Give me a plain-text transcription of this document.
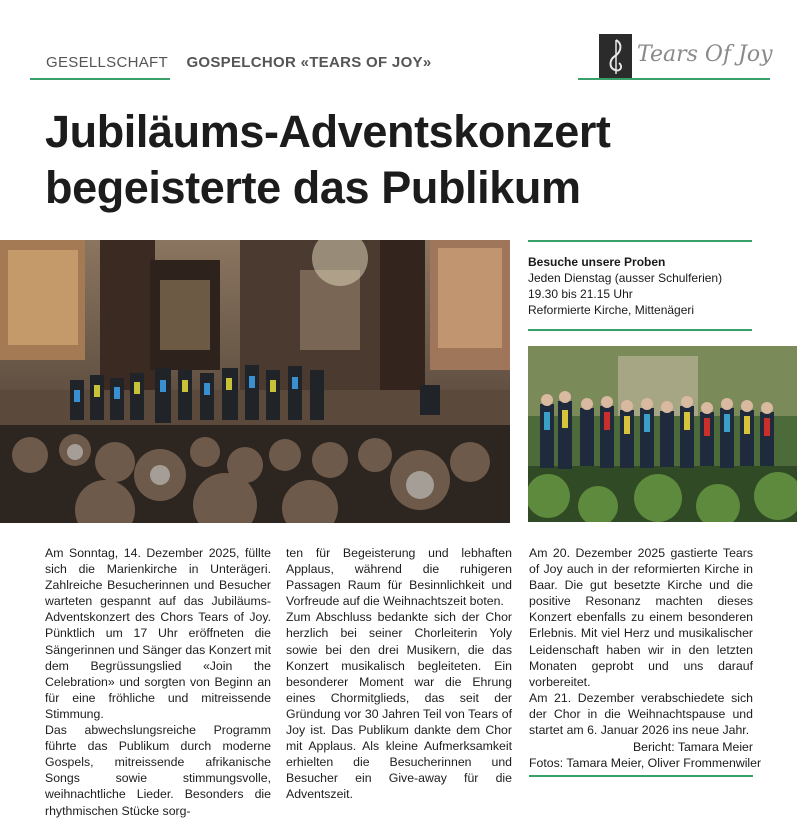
GESELLSCHAFT GOSPELCHOR «TEARS OF JOY»	Tears Of Joy
Jubiläums-Adventskonzert
begeisterte das Publikum
Besuche unsere Proben
Jeden Dienstag (ausser Schulferien)
19.30 bis 21.15 Uhr
Reformierte Kirche, Mittenägeri

Am Sonntag, 14. Dezember 2025, füllte sich die Marienkirche in Unterägeri. Zahlreiche Besucherinnen und Besucher warteten gespannt auf das Jubiläums-Adventskonzert des Chors Tears of Joy. Pünktlich um 17 Uhr eröffneten die Sängerinnen und Sänger das Konzert mit dem Begrüssungslied «Join the Celebration» und sorgten von Beginn an für eine fröhliche und mitreissende Stimmung.

Das abwechslungsreiche Programm führte das Publikum durch moderne Gospels, mitreissende afrikanische Songs sowie stimmungsvolle, weihnachtliche Lieder. Besonders die rhythmischen Stücke sorg-

ten für Begeisterung und lebhaften Applaus, während die ruhigeren Passagen Raum für Besinnlichkeit und Vorfreude auf die Weihnachtszeit boten.

Zum Abschluss bedankte sich der Chor herzlich bei seiner Chorleiterin Yoly sowie bei den drei Musikern, die das Konzert musikalisch begleiteten. Ein besonderer Moment war die Ehrung eines Chormitglieds, das seit der Gründung vor 30 Jahren Teil von Tears of Joy ist. Das Publikum dankte dem Chor mit Applaus. Als kleine Aufmerksamkeit erhielten die Besucherinnen und Besucher ein Give-away für die Adventszeit.

Am 20. Dezember 2025 gastierte Tears of Joy auch in der reformierten Kirche in Baar. Die gut besetzte Kirche und die positive Resonanz machten dieses Konzert ebenfalls zu einem besonderen Erlebnis. Mit viel Herz und musikalischer Leidenschaft haben wir in den letzten Monaten geprobt und uns darauf vorbereitet.

Am 21. Dezember verabschiedete sich der Chor in die Weihnachtspause und startet am 6. Januar 2026 ins neue Jahr.

Bericht: Tamara Meier
Fotos: Tamara Meier, Oliver Frommenwiler
